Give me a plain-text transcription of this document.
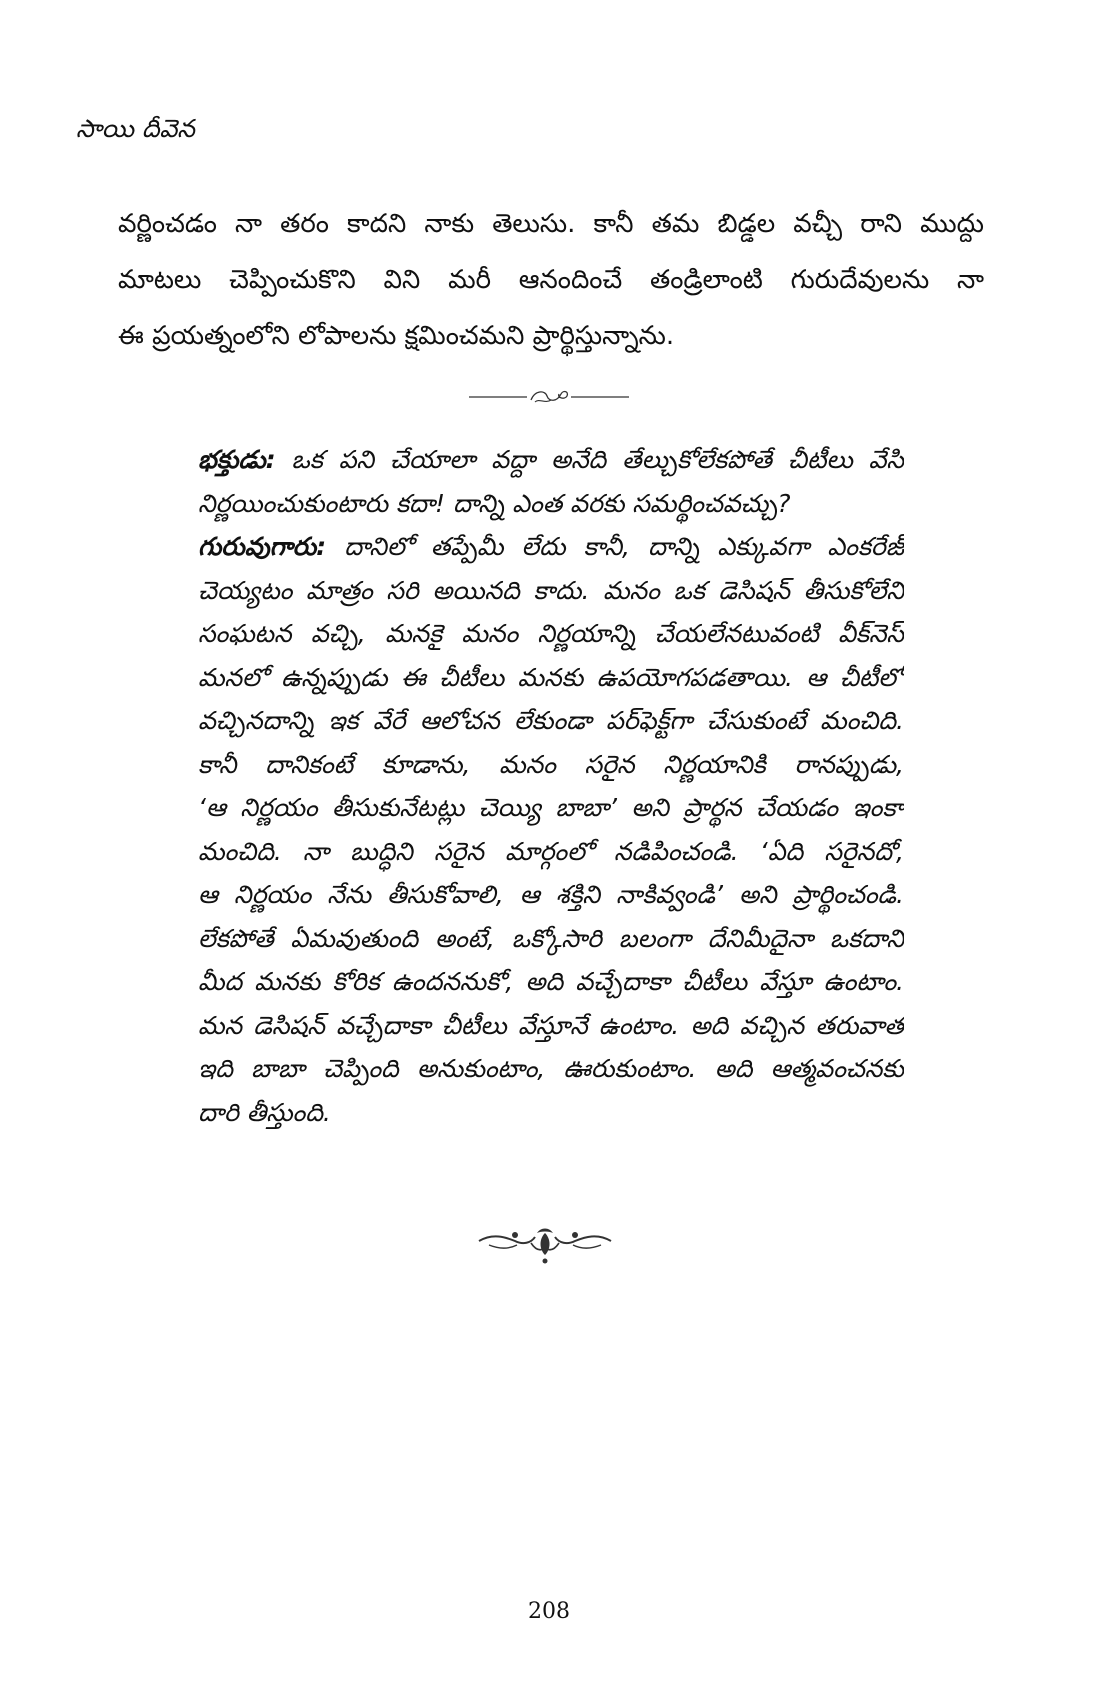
సాయి దీవెన
వర్ణించడం నా తరం కాదని నాకు తెలుసు. కానీ తమ బిడ్డల వచ్చీ రాని ముద్దు
మాటలు చెప్పించుకొని విని మరీ ఆనందించే తండ్రిలాంటి గురుదేవులను నా
ఈ ప్రయత్నంలోని లోపాలను క్షమించమని ప్రార్థిస్తున్నాను.
భక్తుడు: ఒక పని చేయాలా వద్దా అనేది తేల్చుకోలేకపోతే చీటీలు వేసి
నిర్ణయించుకుంటారు కదా! దాన్ని ఎంత వరకు సమర్థించవచ్చు?
గురువుగారు: దానిలో తప్పేమీ లేదు కానీ, దాన్ని ఎక్కువగా ఎంకరేజ్
చెయ్యటం మాత్రం సరి అయినది కాదు. మనం ఒక డెసిషన్ తీసుకోలేని
సంఘటన వచ్చి, మనకై మనం నిర్ణయాన్ని చేయలేనటువంటి వీక్‌నెస్
మనలో ఉన్నప్పుడు ఈ చీటీలు మనకు ఉపయోగపడతాయి. ఆ చీటీలో
వచ్చినదాన్ని ఇక వేరే ఆలోచన లేకుండా పర్‌ఫెక్ట్‌గా చేసుకుంటే మంచిది.
కానీ దానికంటే కూడాను, మనం సరైన నిర్ణయానికి రానప్పుడు,
‘ఆ నిర్ణయం తీసుకునేటట్లు చెయ్యి బాబా’ అని ప్రార్థన చేయడం ఇంకా
మంచిది. నా బుద్ధిని సరైన మార్గంలో నడిపించండి. ‘ఏది సరైనదో,
ఆ నిర్ణయం నేను తీసుకోవాలి, ఆ శక్తిని నాకివ్వండి’ అని ప్రార్థించండి.
లేకపోతే ఏమవుతుంది అంటే, ఒక్కోసారి బలంగా దేనిమీదైనా ఒకదాని
మీద మనకు కోరిక ఉందననుకో, అది వచ్చేదాకా చీటీలు వేస్తూ ఉంటాం.
మన డెసిషన్ వచ్చేదాకా చీటీలు వేస్తూనే ఉంటాం. అది వచ్చిన తరువాత
ఇది బాబా చెప్పింది అనుకుంటాం, ఊరుకుంటాం. అది ఆత్మవంచనకు
దారి తీస్తుంది.
208
